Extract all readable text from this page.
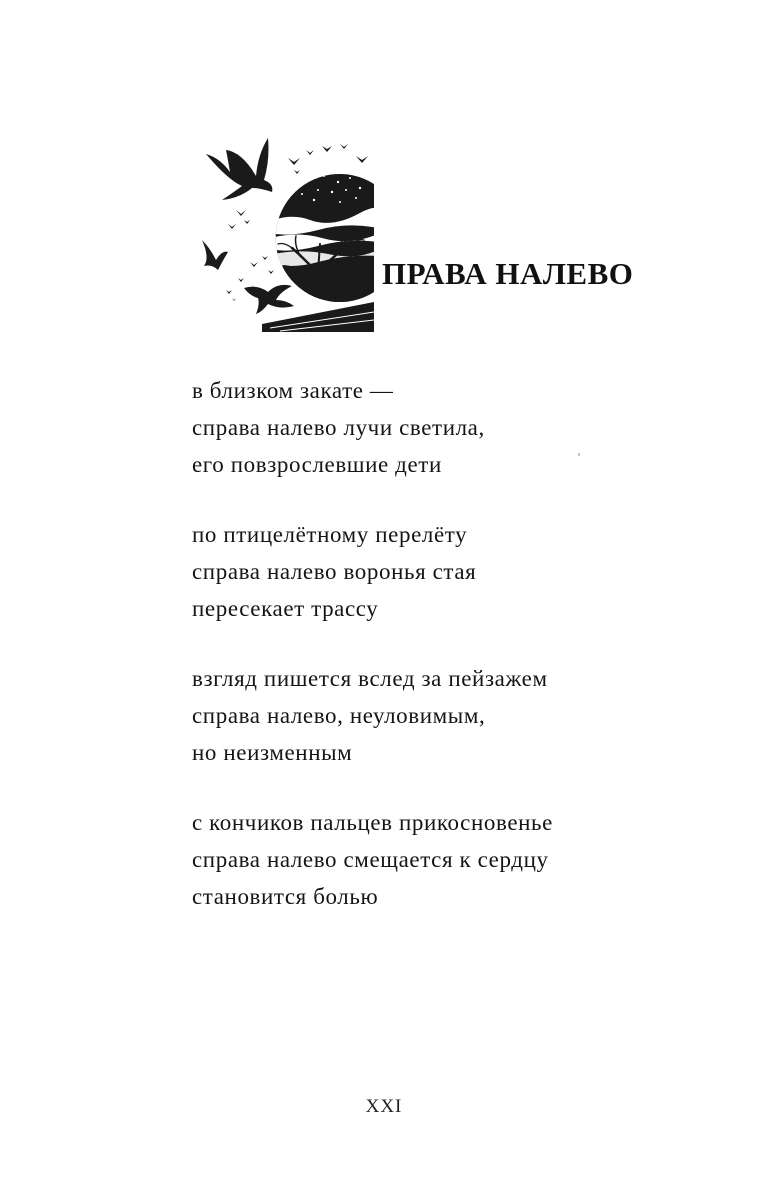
ПРАВА НАЛЕВО
в близком закате —
справа налево лучи светила,
его повзрослевшие дети
по птицелётному перелёту
справа налево воронья стая
пересекает трассу
взгляд пишется вслед за пейзажем
справа налево, неуловимым,
но неизменным
с кончиков пальцев прикосновенье
справа налево смещается к сердцу
становится болью
XXI
